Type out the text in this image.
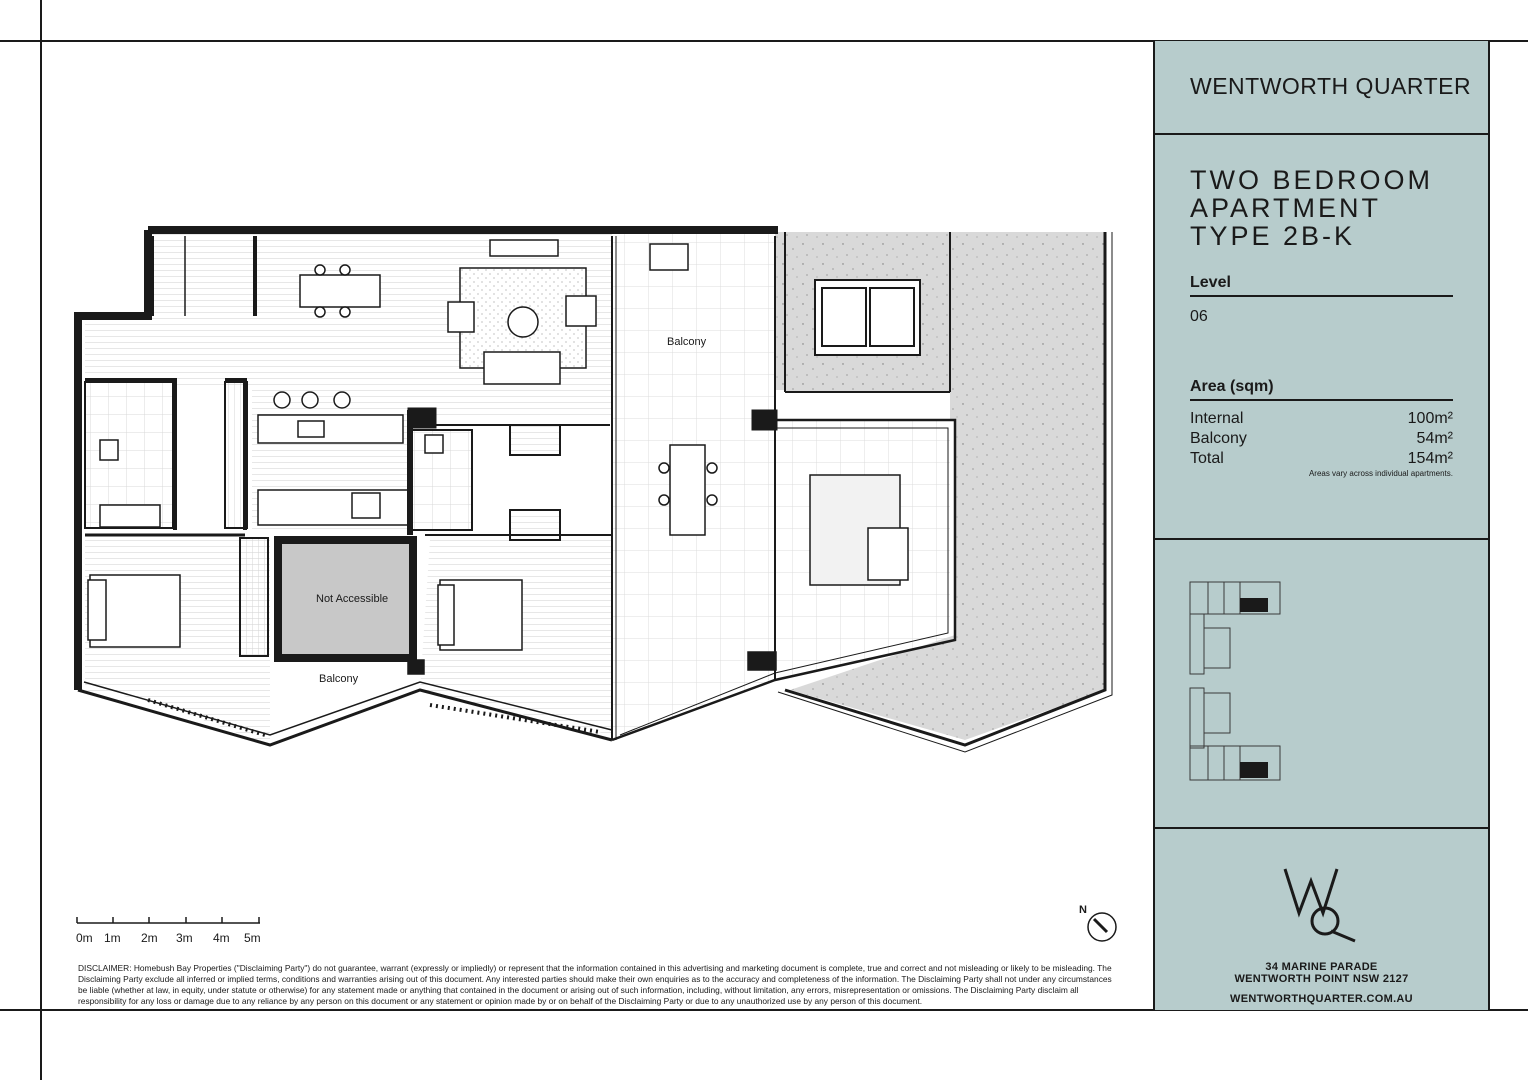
Balcony
Balcony
Not Accessible
0m 1m 2m 3m 4m 5m
N
DISCLAIMER: Homebush Bay Properties ("Disclaiming Party") do not guarantee, warrant (expressly or impliedly) or represent that the information contained in this advertising and marketing document is complete, true and correct and not misleading or likely to be misleading. The Disclaiming Party exclude all inferred or implied terms, conditions and warranties arising out of this document. Any interested parties should make their own enquiries as to the accuracy and completeness of the information. The Disclaiming Party shall not under any circumstances be liable (whether at law, in equity, under statute or otherwise) for any statement made or anything that contained in the document or arising out of such information, including, without limitation, any errors, misrepresentation or omissions. The Disclaiming Party disclaim all responsibility for any loss or damage due to any reliance by any person on this document or any statement or opinion made by or on behalf of the Disclaiming Party or due to any unauthorized use by any person of this document.
WENTWORTH QUARTER
TWO BEDROOM
APARTMENT
TYPE 2B-K
Level
06
Area (sqm)
Internal	100m²
Balcony	54m²
Total	154m²
Areas vary across individual apartments.
34 MARINE PARADE
WENTWORTH POINT NSW 2127
WENTWORTHQUARTER.COM.AU
